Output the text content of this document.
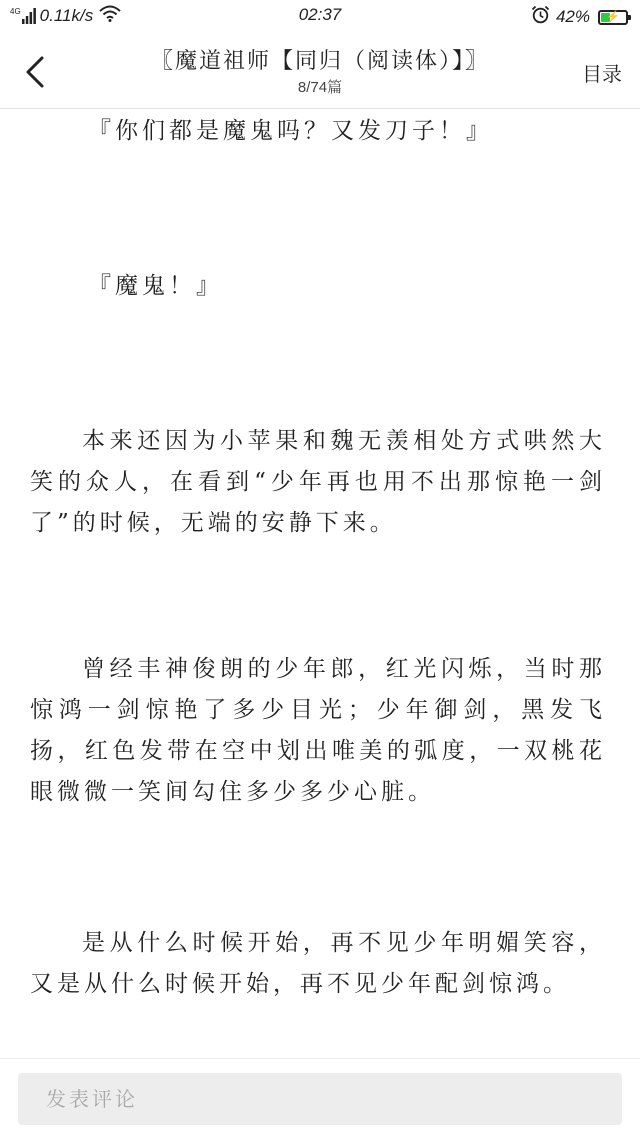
4G 0.11k/s	02:37	42%	⚡
〖魔道祖师【同归（阅读体）】〗
8/74篇
目录

『你们都是魔鬼吗？又发刀子！』

『魔鬼！』

本来还因为小苹果和魏无羡相处方式哄然大笑的众人，在看到“少年再也用不出那惊艳一剑了”的时候，无端的安静下来。

曾经丰神俊朗的少年郎，红光闪烁，当时那惊鸿一剑惊艳了多少目光；少年御剑，黑发飞扬，红色发带在空中划出唯美的弧度，一双桃花眼微微一笑间勾住多少多少心脏。

是从什么时候开始，再不见少年明媚笑容，又是从什么时候开始，再不见少年配剑惊鸿。

发表评论
